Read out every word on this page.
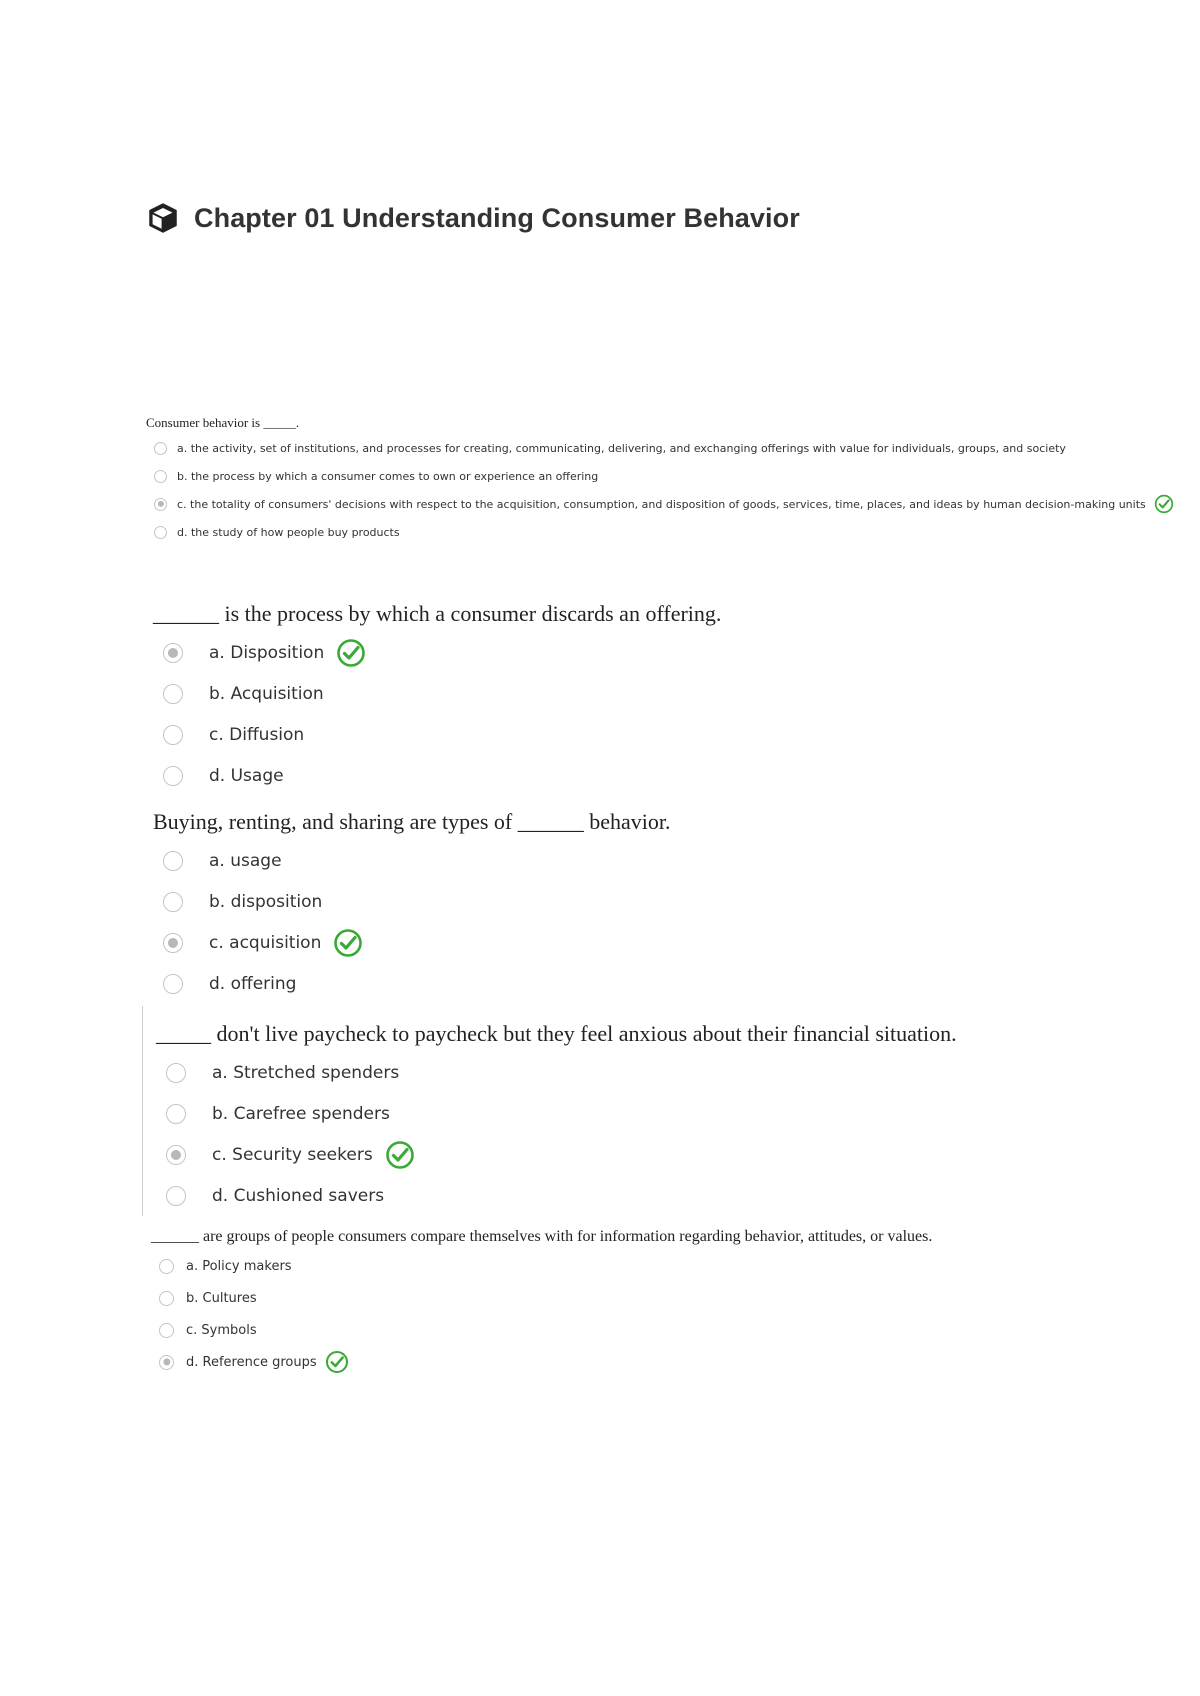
Chapter 01 Understanding Consumer Behavior
Consumer behavior is _____.
a. the activity, set of institutions, and processes for creating, communicating, delivering, and exchanging offerings with value for individuals, groups, and society
b. the process by which a consumer comes to own or experience an offering
c. the totality of consumers' decisions with respect to the acquisition, consumption, and disposition of goods, services, time, places, and ideas by human decision-making units
d. the study of how people buy products
______ is the process by which a consumer discards an offering.
a. Disposition
b. Acquisition
c. Diffusion
d. Usage
Buying, renting, and sharing are types of ______ behavior.
a. usage
b. disposition
c. acquisition
d. offering
_____ don't live paycheck to paycheck but they feel anxious about their financial situation.
a. Stretched spenders
b. Carefree spenders
c. Security seekers
d. Cushioned savers
______ are groups of people consumers compare themselves with for information regarding behavior, attitudes, or values.
a. Policy makers
b. Cultures
c. Symbols
d. Reference groups
